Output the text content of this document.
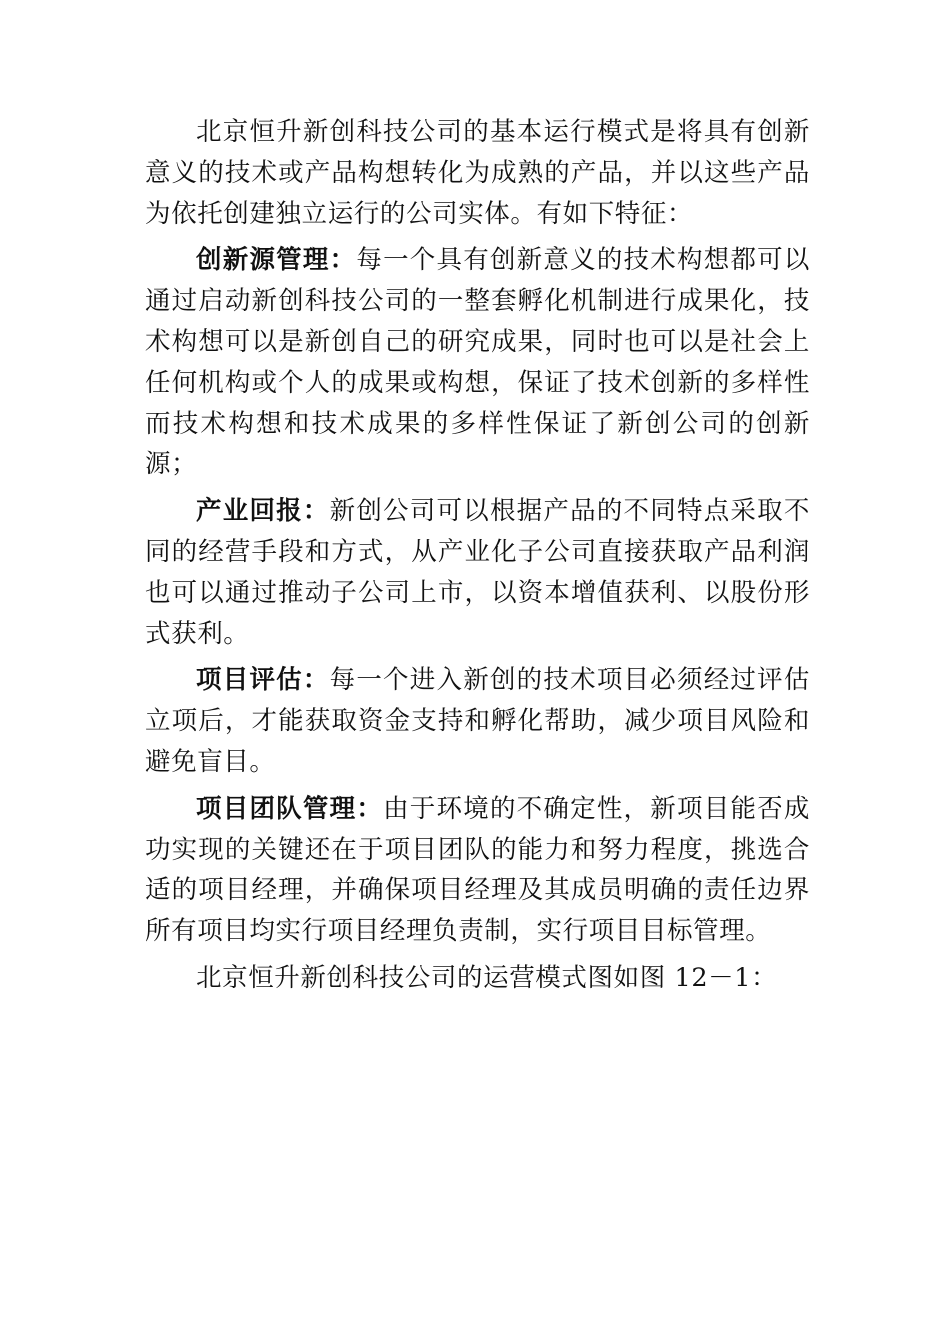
北京恒升新创科技公司的基本运行模式是将具有创新意义的技术或产品构想转化为成熟的产品，并以这些产品为依托创建独立运行的公司实体。有如下特征：

创新源管理：每一个具有创新意义的技术构想都可以通过启动新创科技公司的一整套孵化机制进行成果化，技术构想可以是新创自己的研究成果，同时也可以是社会上任何机构或个人的成果或构想，保证了技术创新的多样性而技术构想和技术成果的多样性保证了新创公司的创新源；

产业回报：新创公司可以根据产品的不同特点采取不同的经营手段和方式，从产业化子公司直接获取产品利润也可以通过推动子公司上市，以资本增值获利、以股份形式获利。

项目评估：每一个进入新创的技术项目必须经过评估立项后，才能获取资金支持和孵化帮助，减少项目风险和避免盲目。

项目团队管理：由于环境的不确定性，新项目能否成功实现的关键还在于项目团队的能力和努力程度，挑选合适的项目经理，并确保项目经理及其成员明确的责任边界所有项目均实行项目经理负责制，实行项目目标管理。

北京恒升新创科技公司的运营模式图如图 12－1：
